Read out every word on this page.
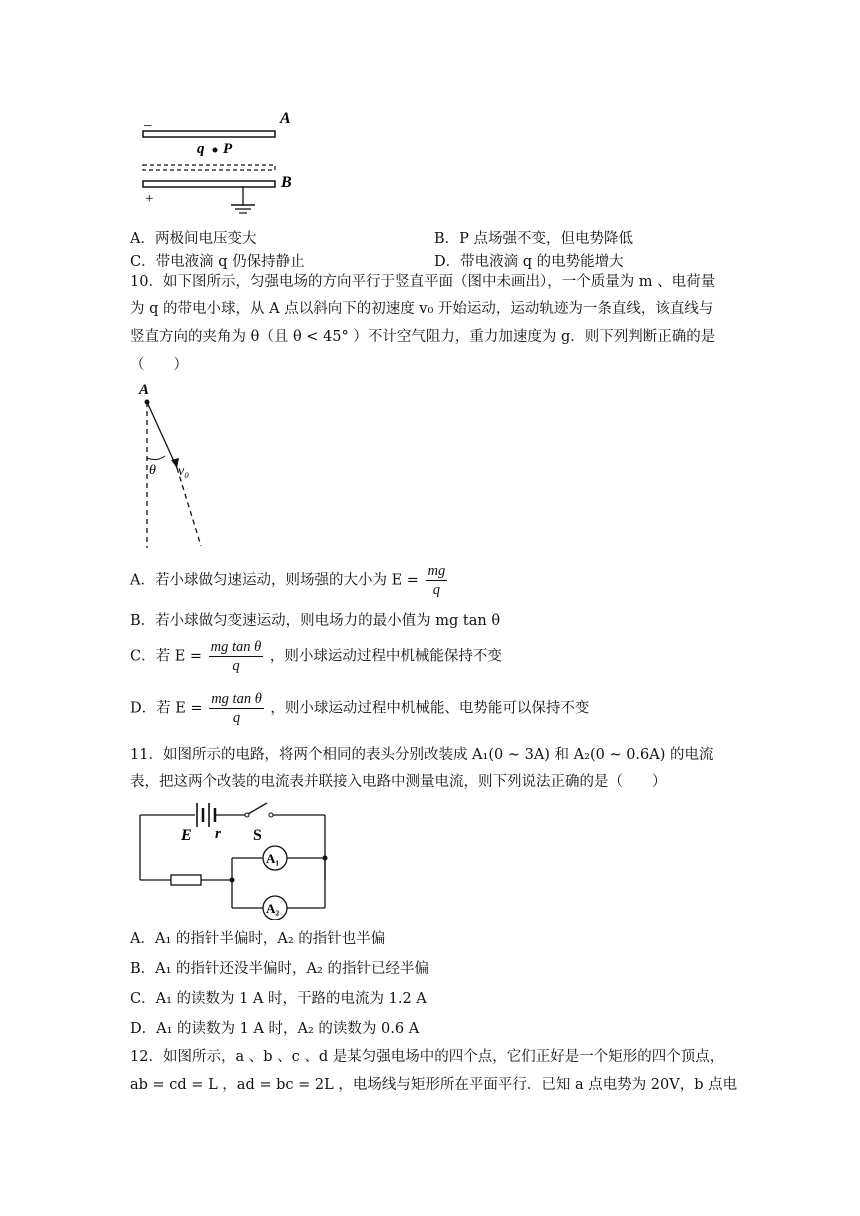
−	A
q P
B
+
A．两极间电压变大	B．P 点场强不变，但电势降低
C．带电液滴 q 仍保持静止	D．带电液滴 q 的电势能增大
10．如下图所示，匀强电场的方向平行于竖直平面（图中未画出），一个质量为 m 、电荷量
为 q 的带电小球，从 A 点以斜向下的初速度 v₀ 开始运动，运动轨迹为一条直线，该直线与
竖直方向的夹角为 θ（且 θ < 45° ）不计空气阻力，重力加速度为 g．则下列判断正确的是
（　　）
A
θ v₀
A．若小球做匀速运动，则场强的大小为 $E = \frac{mg}{q}$
B．若小球做匀变速运动，则电场力的最小值为 mg tan θ
C．若 $E = \frac{\text{mg tan θ}}{q}$ ，则小球运动过程中机械能保持不变
D．若 $E = \frac{\text{mg tan θ}}{q}$ ，则小球运动过程中机械能、电势能可以保持不变
11．如图所示的电路，将两个相同的表头分别改装成 A₁(0 ~ 3A) 和 A₂(0 ~ 0.6A) 的电流
表，把这两个改装的电流表并联接入电路中测量电流，则下列说法正确的是（　　）
E r S
A₁
A₂
A．A₁ 的指针半偏时，A₂ 的指针也半偏
B．A₁ 的指针还没半偏时，A₂ 的指针已经半偏
C．A₁ 的读数为 1 A 时，干路的电流为 1.2 A
D．A₁ 的读数为 1 A 时，A₂ 的读数为 0.6 A
12．如图所示，a 、b 、c 、d 是某匀强电场中的四个点，它们正好是一个矩形的四个顶点，
ab = cd = L ，ad = bc = 2L ，电场线与矩形所在平面平行．已知 a 点电势为 20V，b 点电
